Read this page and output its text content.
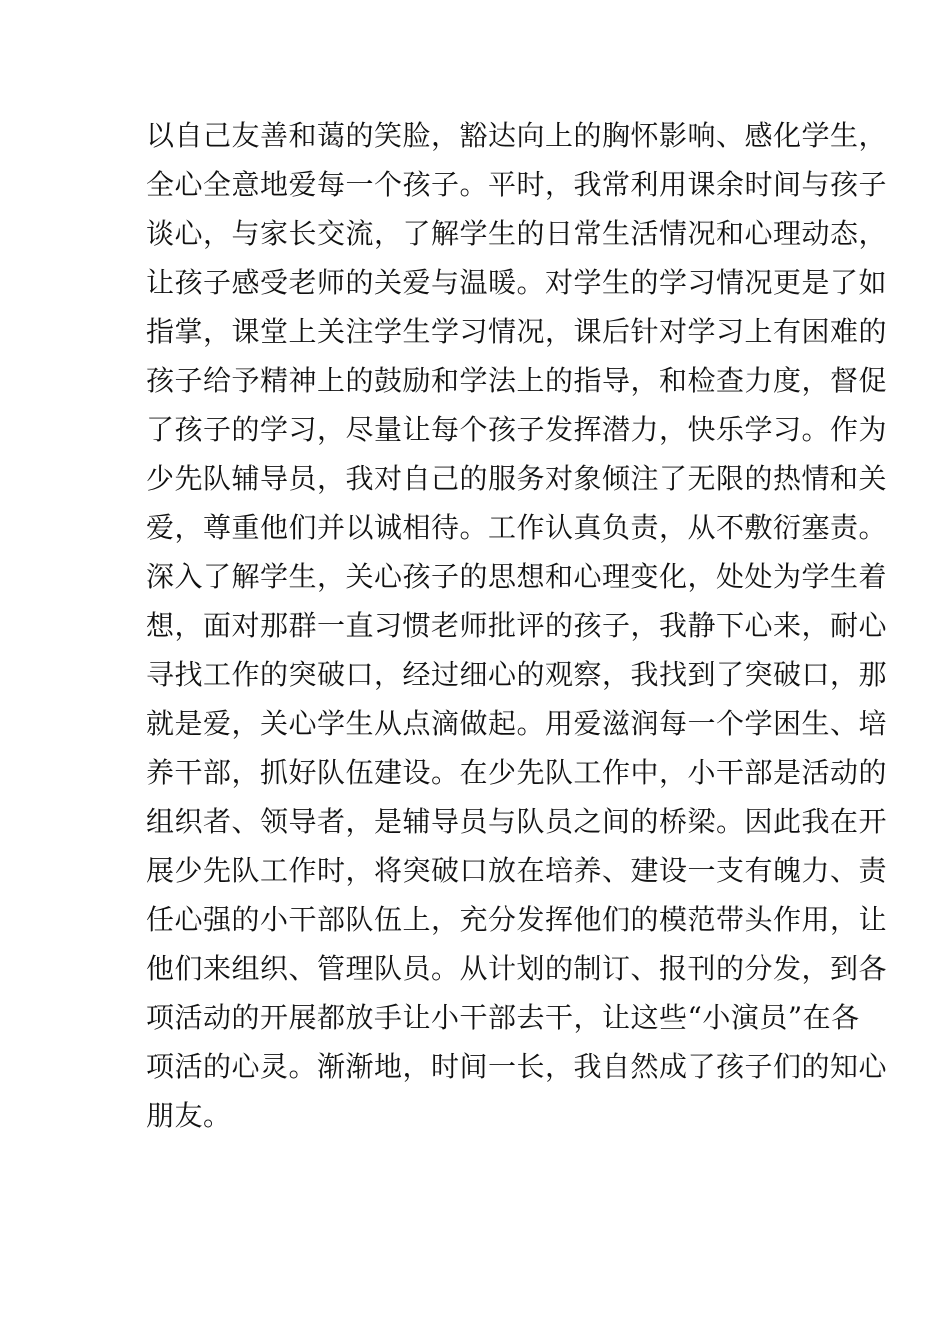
以自己友善和蔼的笑脸，豁达向上的胸怀影响、感化学生，
全心全意地爱每一个孩子。平时，我常利用课余时间与孩子
谈心，与家长交流，了解学生的日常生活情况和心理动态，
让孩子感受老师的关爱与温暖。对学生的学习情况更是了如
指掌，课堂上关注学生学习情况，课后针对学习上有困难的
孩子给予精神上的鼓励和学法上的指导，和检查力度，督促
了孩子的学习，尽量让每个孩子发挥潜力，快乐学习。作为
少先队辅导员，我对自己的服务对象倾注了无限的热情和关
爱，尊重他们并以诚相待。工作认真负责，从不敷衍塞责。
深入了解学生，关心孩子的思想和心理变化，处处为学生着
想，面对那群一直习惯老师批评的孩子，我静下心来，耐心
寻找工作的突破口，经过细心的观察，我找到了突破口，那
就是爱，关心学生从点滴做起。用爱滋润每一个学困生、培
养干部，抓好队伍建设。在少先队工作中，小干部是活动的
组织者、领导者，是辅导员与队员之间的桥梁。因此我在开
展少先队工作时，将突破口放在培养、建设一支有魄力、责
任心强的小干部队伍上，充分发挥他们的模范带头作用，让
他们来组织、管理队员。从计划的制订、报刊的分发，到各
项活动的开展都放手让小干部去干，让这些“小演员”在各
项活的心灵。渐渐地，时间一长，我自然成了孩子们的知心
朋友。
